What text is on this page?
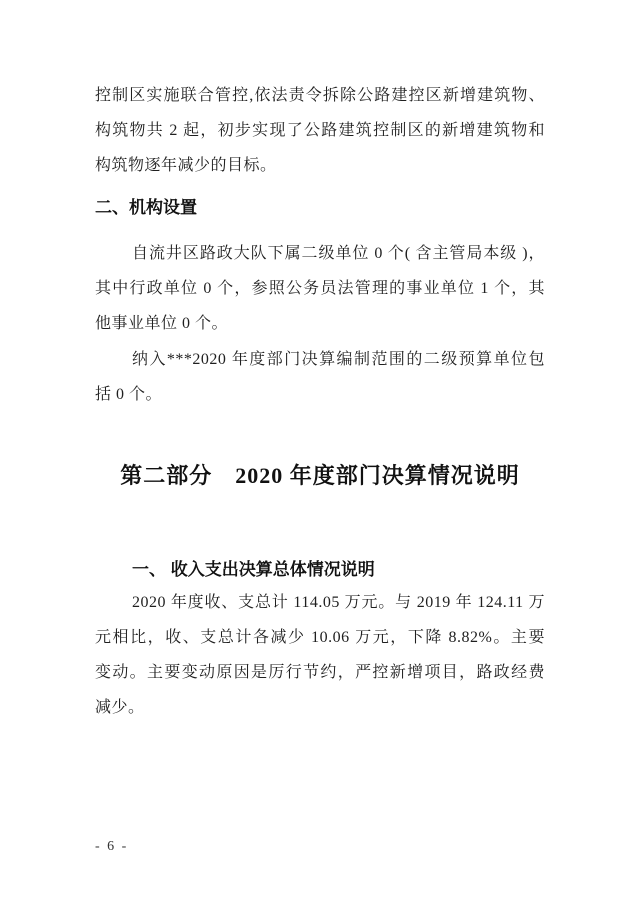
控制区实施联合管控,依法责令拆除公路建控区新增建筑物、
构筑物共 2 起，初步实现了公路建筑控制区的新增建筑物和
构筑物逐年减少的目标。
二、机构设置
自流井区路政大队下属二级单位 0 个( 含主管局本级 )，
其中行政单位 0 个，参照公务员法管理的事业单位 1 个，其
他事业单位 0 个。
纳入***2020 年度部门决算编制范围的二级预算单位包
括 0 个。
第二部分　2020 年度部门决算情况说明
一、 收入支出决算总体情况说明
2020 年度收、支总计 114.05 万元。与 2019 年 124.11 万
元相比，收、支总计各减少 10.06 万元，下降 8.82%。主要
变动。主要变动原因是厉行节约，严控新增项目，路政经费
减少。
- 6 -
